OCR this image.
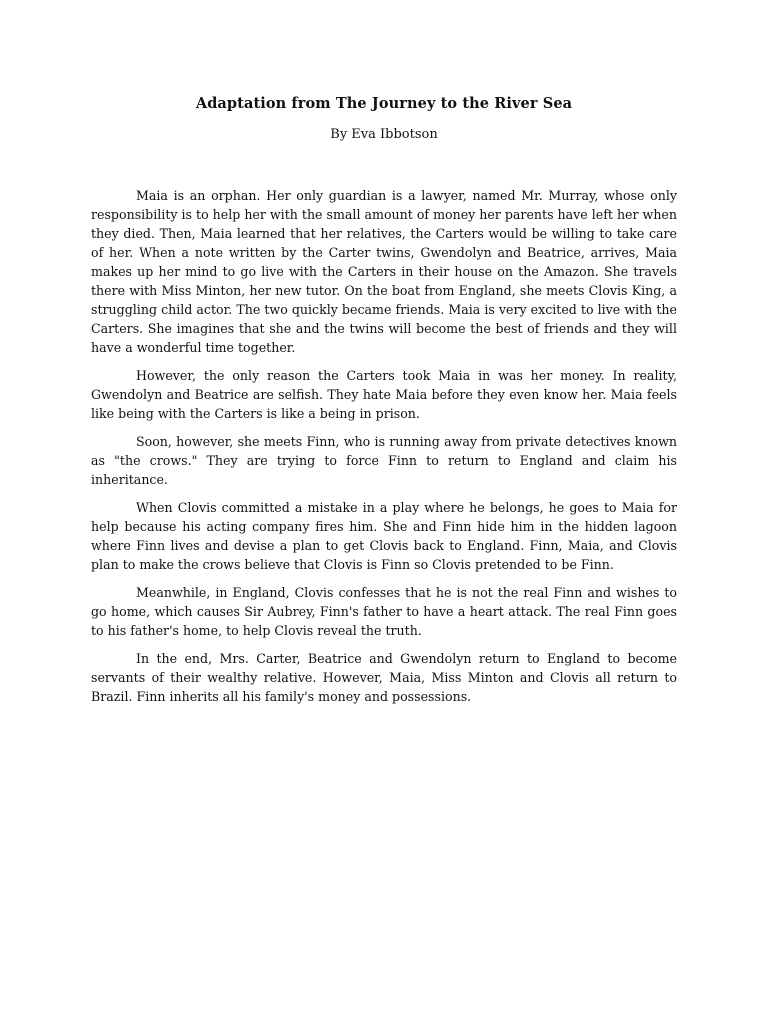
Adaptation from The Journey to the River Sea
By Eva Ibbotson

Maia is an orphan. Her only guardian is a lawyer, named Mr. Murray, whose only responsibility is to help her with the small amount of money her parents have left her when they died. Then, Maia learned that her relatives, the Carters would be willing to take care of her. When a note written by the Carter twins, Gwendolyn and Beatrice, arrives, Maia makes up her mind to go live with the Carters in their house on the Amazon. She travels there with Miss Minton, her new tutor. On the boat from England, she meets Clovis King, a struggling child actor. The two quickly became friends. Maia is very excited to live with the Carters. She imagines that she and the twins will become the best of friends and they will have a wonderful time together.

However, the only reason the Carters took Maia in was her money. In reality, Gwendolyn and Beatrice are selfish. They hate Maia before they even know her. Maia feels like being with the Carters is like a being in prison.

Soon, however, she meets Finn, who is running away from private detectives known as "the crows." They are trying to force Finn to return to England and claim his inheritance.

When Clovis committed a mistake in a play where he belongs, he goes to Maia for help because his acting company fires him. She and Finn hide him in the hidden lagoon where Finn lives and devise a plan to get Clovis back to England. Finn, Maia, and Clovis plan to make the crows believe that Clovis is Finn so Clovis pretended to be Finn.

Meanwhile, in England, Clovis confesses that he is not the real Finn and wishes to go home, which causes Sir Aubrey, Finn's father to have a heart attack. The real Finn goes to his father's home, to help Clovis reveal the truth.

In the end, Mrs. Carter, Beatrice and Gwendolyn return to England to become servants of their wealthy relative. However, Maia, Miss Minton and Clovis all return to Brazil. Finn inherits all his family's money and possessions.
